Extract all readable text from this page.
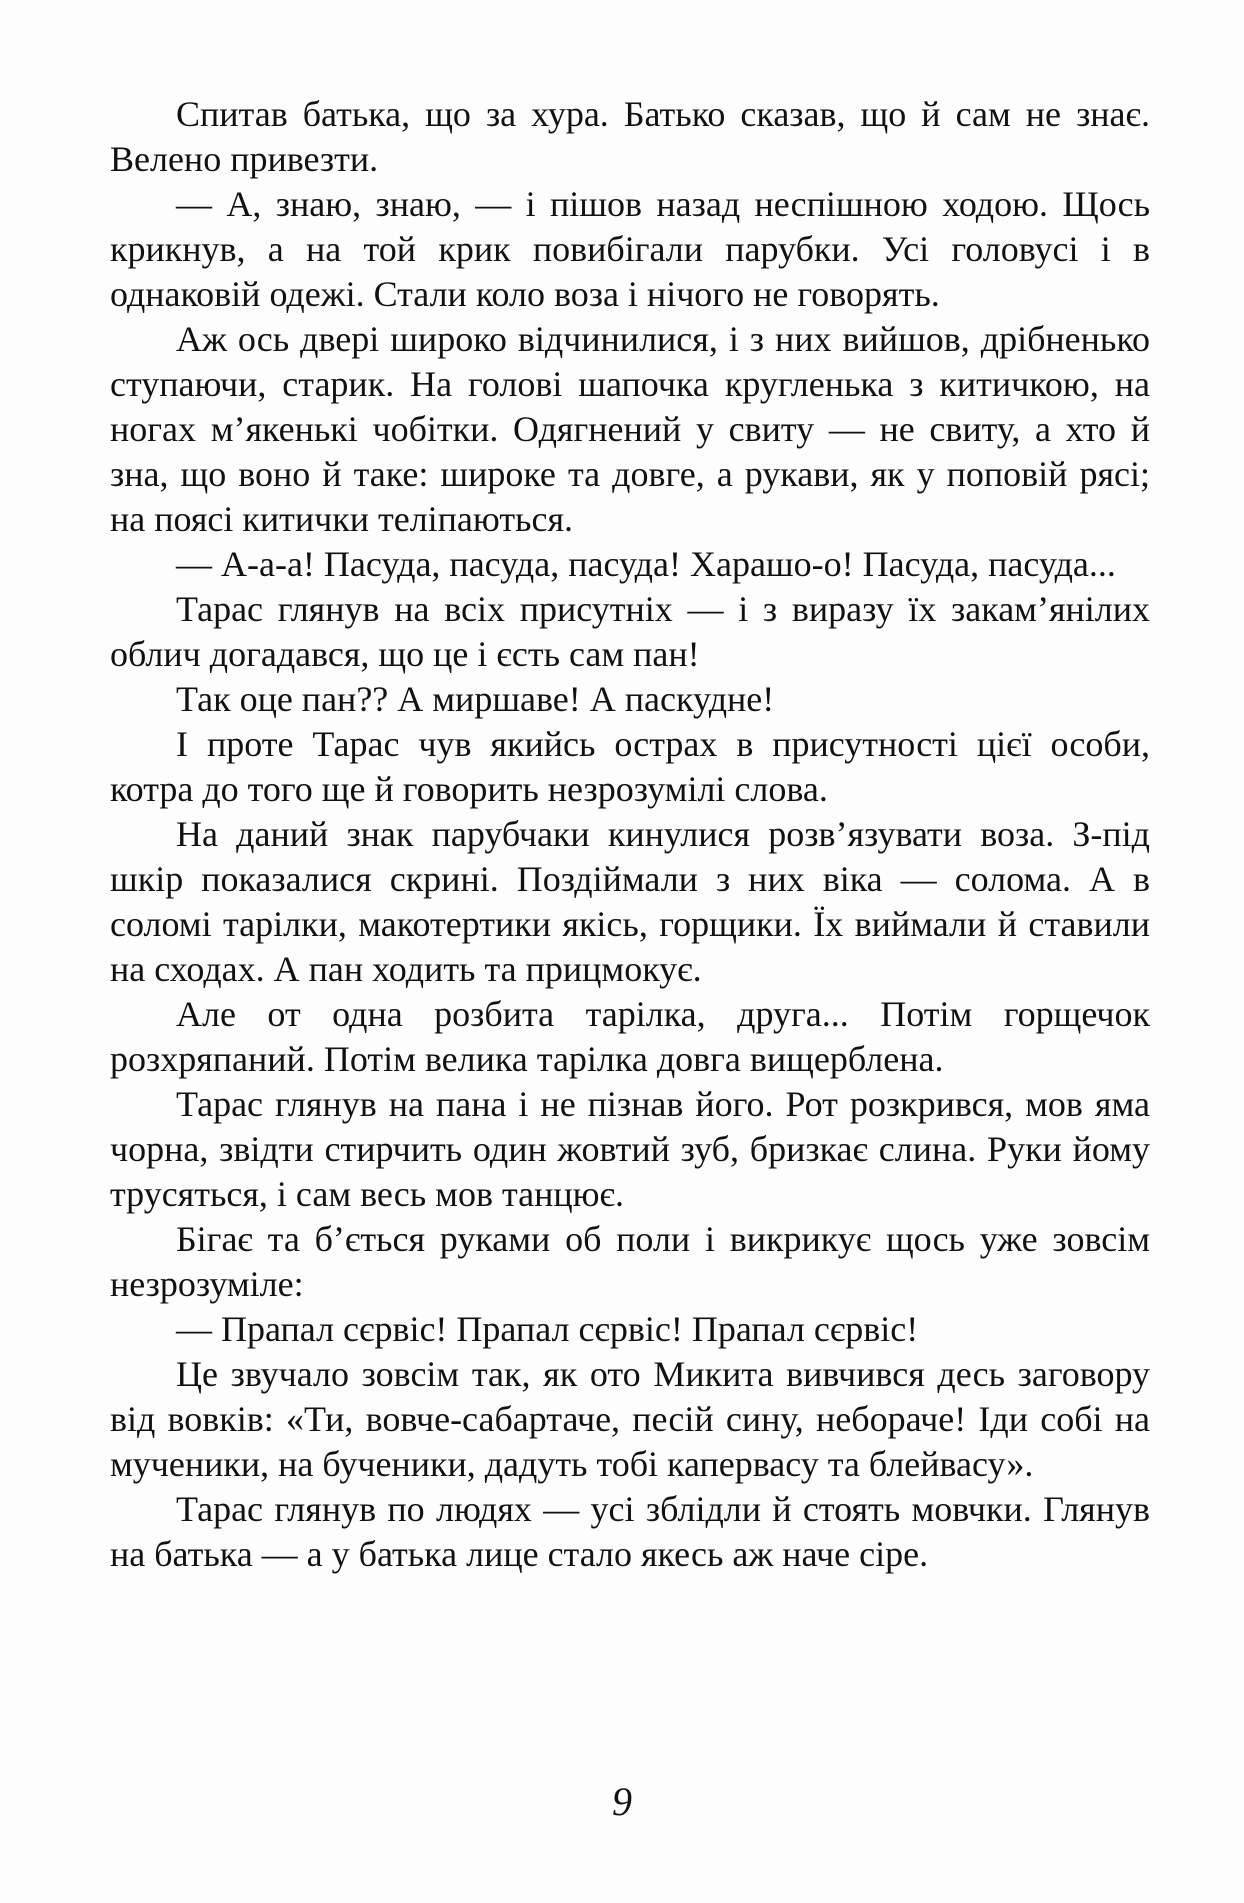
Спитав батька, що за хура. Батько сказав, що й сам не знає. Велено привезти.

— А, знаю, знаю, — і пішов назад неспішною ходою. Щось крикнув, а на той крик повибігали парубки. Усі головусі і в однаковій одежі. Стали коло воза і нічого не говорять.

Аж ось двері широко відчинилися, і з них вийшов, дрібненько ступаючи, старик. На голові шапочка кругленька з китичкою, на ногах м’якенькі чобітки. Одягнений у свиту — не свиту, а хто й зна, що воно й таке: широке та довге, а рукави, як у поповій рясі; на поясі китички теліпаються.

— А-а-а! Пасуда, пасуда, пасуда! Харашо-о! Пасуда, пасуда...

Тарас глянув на всіх присутніх — і з виразу їх закам’янілих облич догадався, що це і єсть сам пан!

Так оце пан?? А миршаве! А паскудне!

І проте Тарас чув якийсь острах в присутності цієї особи, котра до того ще й говорить незрозумілі слова.

На даний знак парубчаки кинулися розв’язувати воза. З-під шкір показалися скрині. Поздіймали з них віка — солома. А в соломі тарілки, макотертики якісь, горщики. Їх виймали й ставили на сходах. А пан ходить та прицмокує.

Але от одна розбита тарілка, друга... Потім горщечок розхряпаний. Потім велика тарілка довга вищерблена.

Тарас глянув на пана і не пізнав його. Рот розкрився, мов яма чорна, звідти стирчить один жовтий зуб, бризкає слина. Руки йому трусяться, і сам весь мов танцює.

Бігає та б’ється руками об поли і викрикує щось уже зовсім незрозуміле:

— Прапал сєрвіс! Прапал сєрвіс! Прапал сєрвіс!

Це звучало зовсім так, як ото Микита вивчився десь заговору від вовків: «Ти, вовче-сабартаче, песій сину, небораче! Іди собі на мученики, на бученики, дадуть тобі капервасу та блейвасу».

Тарас глянув по людях — усі зблідли й стоять мовчки. Глянув на батька — а у батька лице стало якесь аж наче сіре.

9
